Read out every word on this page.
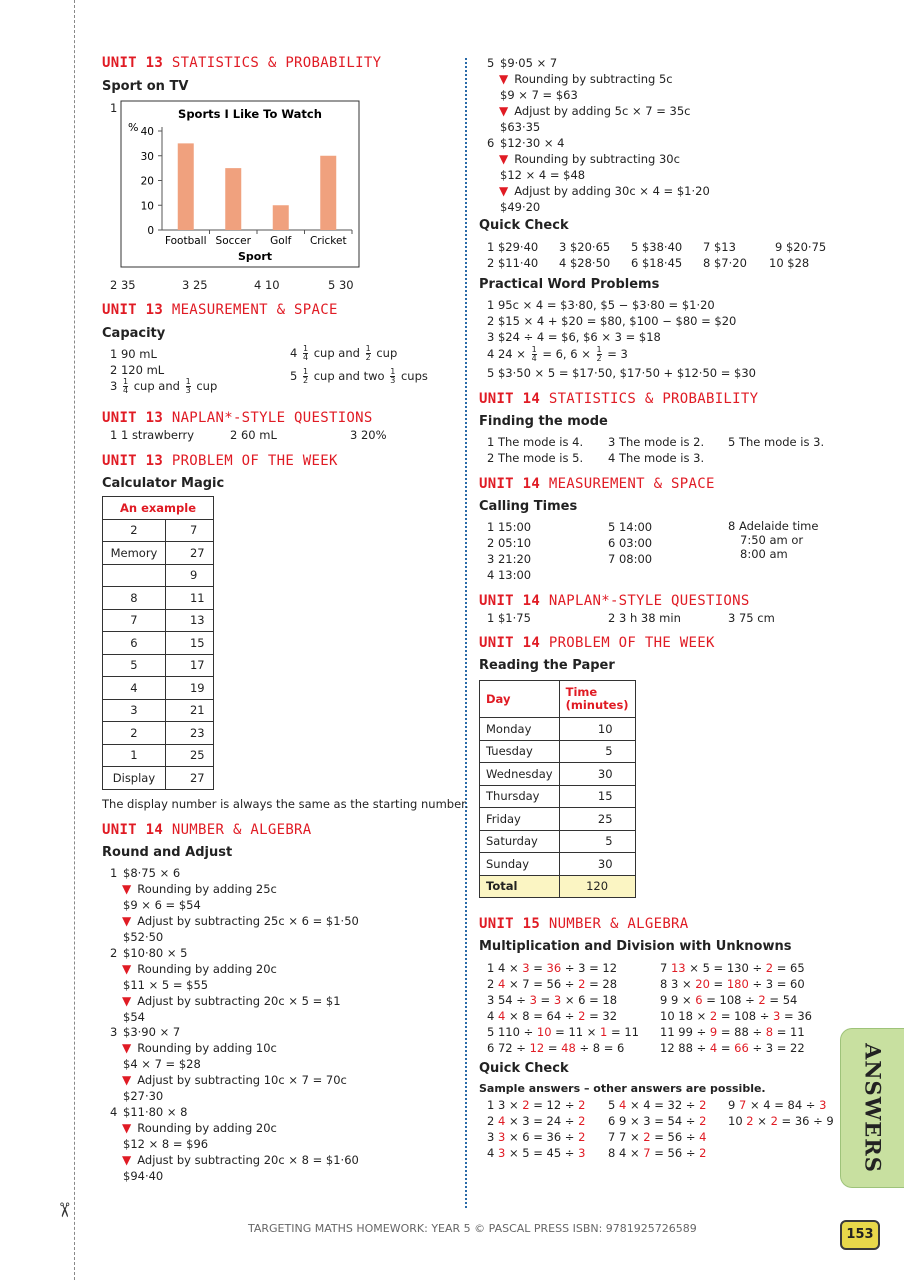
✂
UNIT 13 STATISTICS & PROBABILITY
Sport on TV
1	Sports I Like To Watch
%
0
10
20
30
40
Football Soccer Golf Cricket
Sport
2 35	3 25	4 10	5 30
UNIT 13 MEASUREMENT & SPACE
Capacity
1 90 mL
2 120 mL
$3 \frac{1}{4}$ cup and $\frac{1}{3}$ cup
$4 \frac{1}{4}$ cup and $\frac{1}{2}$ cup
$5 \frac{1}{2}$ cup and two $\frac{1}{3}$ cups
UNIT 13 NAPLAN*-STYLE QUESTIONS
1 1 strawberry	2 60 mL	3 20%
UNIT 13 PROBLEM OF THE WEEK
Calculator Magic
An example	
2	7
Memory	27
	9
8	11
7	13
6	15
5	17
4	19
3	21
2	23
1	25
Display	27
The display number is always the same as the starting number.
UNIT 14 NUMBER & ALGEBRA
Round and Adjust
1 $8·75 × 6
▼ Rounding by adding 25c
$9 × 6 = $54
▼ Adjust by subtracting 25c × 6 = $1·50
$52·50
2 $10·80 × 5
▼ Rounding by adding 20c
$11 × 5 = $55
▼ Adjust by subtracting 20c × 5 = $1
$54
3 $3·90 × 7
▼ Rounding by adding 10c
$4 × 7 = $28
▼ Adjust by subtracting 10c × 7 = 70c
$27·30
4 $11·80 × 8
▼ Rounding by adding 20c
$12 × 8 = $96
▼ Adjust by subtracting 20c × 8 = $1·60
$94·40
5 $9·05 × 7
▼ Rounding by subtracting 5c
$9 × 7 = $63
▼ Adjust by adding 5c × 7 = 35c
$63·35
6 $12·30 × 4
▼ Rounding by subtracting 30c
$12 × 4 = $48
▼ Adjust by adding 30c × 4 = $1·20
$49·20
Quick Check
1 $29·40 3 $20·65 5 $38·40 7 $13	9 $20·75
2 $11·40 4 $28·50 6 $18·45 8 $7·20 10 $28
Practical Word Problems
1 95c × 4 = $3·80, $5 − $3·80 = $1·20
2 $15 × 4 + $20 = $80, $100 − $80 = $20
3 $24 ÷ 4 = $6, $6 × 3 = $18
4 $24 \times \frac{1}{4} = 6$, $6 \times \frac{1}{2} = 3$
5 $3·50 × 5 = $17·50, $17·50 + $12·50 = $30
UNIT 14 STATISTICS & PROBABILITY
Finding the mode
1 The mode is 4. 3 The mode is 2. 5 The mode is 3.
2 The mode is 5. 4 The mode is 3.
UNIT 14 MEASUREMENT & SPACE
Calling Times
1 15:00
2 05:10
3 21:20
4 13:00
5 14:00
6 03:00
7 08:00
8 Adelaide time
7:50 am or
8:00 am
UNIT 14 NAPLAN*-STYLE QUESTIONS
1 $1·75	2 3 h 38 min	3 75 cm
UNIT 14 PROBLEM OF THE WEEK
Reading the Paper
Day	Time
(minutes)

Monday	10
Tuesday	5
Wednesday	30
Thursday	15
Friday	25
Saturday	5
Sunday	30
Total	120
UNIT 15 NUMBER & ALGEBRA
Multiplication and Division with Unknowns
1 4 × 3 = 36 ÷ 3 = 12
2 4 × 7 = 56 ÷ 2 = 28
3 54 ÷ 3 = 3 × 6 = 18
4 4 × 8 = 64 ÷ 2 = 32
5 110 ÷ 10 = 11 × 1 = 11
6 72 ÷ 12 = 48 ÷ 8 = 6
7 13 × 5 = 130 ÷ 2 = 65
8 3 × 20 = 180 ÷ 3 = 60
9 9 × 6 = 108 ÷ 2 = 54
10 18 × 2 = 108 ÷ 3 = 36
11 99 ÷ 9 = 88 ÷ 8 = 11
12 88 ÷ 4 = 66 ÷ 3 = 22
Quick Check
Sample answers – other answers are possible.
1 3 × 2 = 12 ÷ 2
2 4 × 3 = 24 ÷ 2
3 3 × 6 = 36 ÷ 2
4 3 × 5 = 45 ÷ 3
5 4 × 4 = 32 ÷ 2
6 9 × 3 = 54 ÷ 2
7 7 × 2 = 56 ÷ 4
8 4 × 7 = 56 ÷ 2
9 7 × 4 = 84 ÷ 3
10 2 × 2 = 36 ÷ 9 ANSWERS
TARGETING MATHS HOMEWORK: YEAR 5 © PASCAL PRESS ISBN: 9781925726589	153
